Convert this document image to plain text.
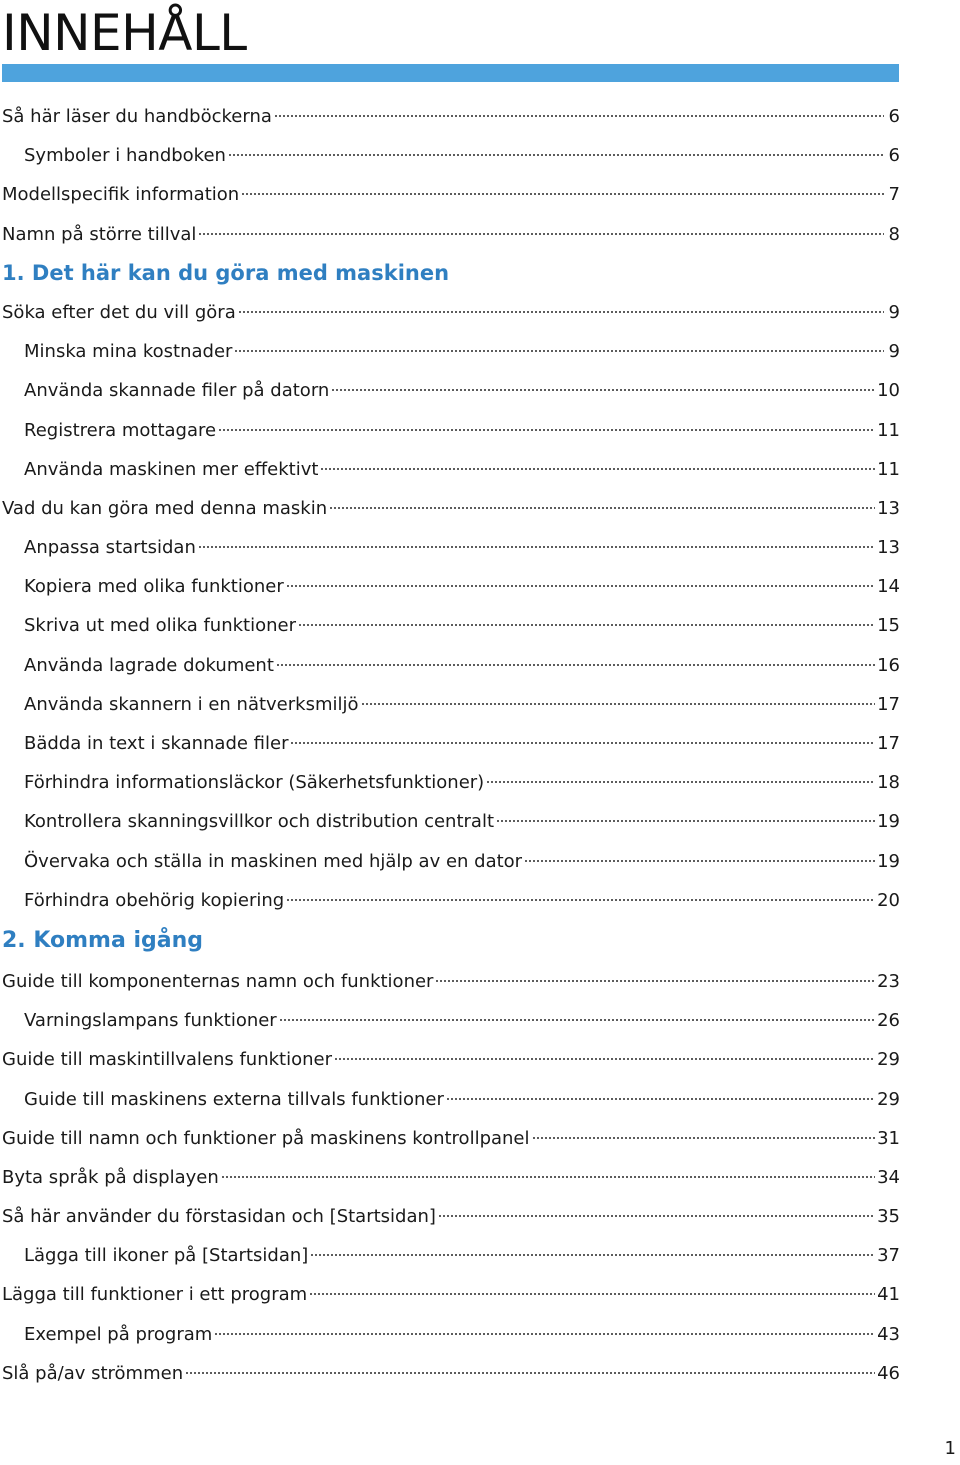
INNEHÅLL
Så här läser du handböckerna	6
Symboler i handboken	6
Modellspecifik information	7
Namn på större tillval	8
1. Det här kan du göra med maskinen
Söka efter det du vill göra	9
Minska mina kostnader	9
Använda skannade filer på datorn	10
Registrera mottagare	11
Använda maskinen mer effektivt	11
Vad du kan göra med denna maskin	13
Anpassa startsidan	13
Kopiera med olika funktioner	14
Skriva ut med olika funktioner	15
Använda lagrade dokument	16
Använda skannern i en nätverksmiljö	17
Bädda in text i skannade filer	17
Förhindra informationsläckor (Säkerhetsfunktioner)	18
Kontrollera skanningsvillkor och distribution centralt	19
Övervaka och ställa in maskinen med hjälp av en dator	19
Förhindra obehörig kopiering	20
2. Komma igång
Guide till komponenternas namn och funktioner	23
Varningslampans funktioner	26
Guide till maskintillvalens funktioner	29
Guide till maskinens externa tillvals funktioner	29
Guide till namn och funktioner på maskinens kontrollpanel	31
Byta språk på displayen	34
Så här använder du förstasidan och [Startsidan]	35
Lägga till ikoner på [Startsidan]	37
Lägga till funktioner i ett program	41
Exempel på program	43
Slå på/av strömmen	46
1
